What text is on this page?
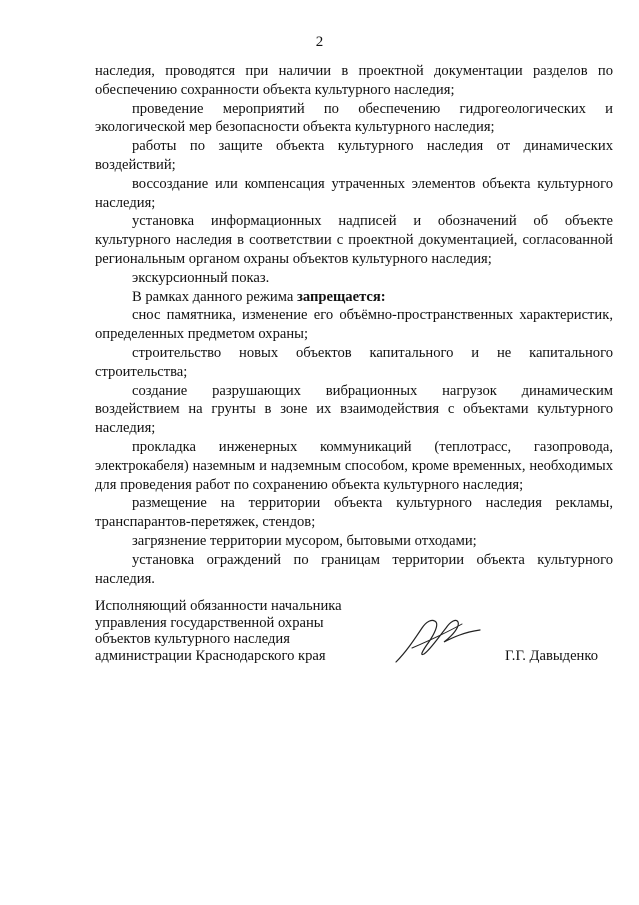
2

наследия, проводятся при наличии в проектной документации разделов по обеспечению сохранности объекта культурного наследия;

проведение мероприятий по обеспечению гидрогеологических и экологической мер безопасности объекта культурного наследия;

работы по защите объекта культурного наследия от динамических воздействий;

воссоздание или компенсация утраченных элементов объекта культурного наследия;

установка информационных надписей и обозначений об объекте культурного наследия в соответствии с проектной документацией, согласованной региональным органом охраны объектов культурного наследия;

экскурсионный показ.

В рамках данного режима запрещается:

снос памятника, изменение его объёмно-пространственных характеристик, определенных предметом охраны;

строительство новых объектов капитального и не капитального строительства;

создание разрушающих вибрационных нагрузок динамическим воздействием на грунты в зоне их взаимодействия с объектами культурного наследия;

прокладка инженерных коммуникаций (теплотрасс, газопровода, электрокабеля) наземным и надземным способом, кроме временных, необходимых для проведения работ по сохранению объекта культурного наследия;

размещение на территории объекта культурного наследия рекламы, транспарантов-перетяжек, стендов;

загрязнение территории мусором, бытовыми отходами;

установка ограждений по границам территории объекта культурного наследия.

Исполняющий обязанности начальника
управления государственной охраны
объектов культурного наследия
администрации Краснодарского края	Г.Г. Давыденко
